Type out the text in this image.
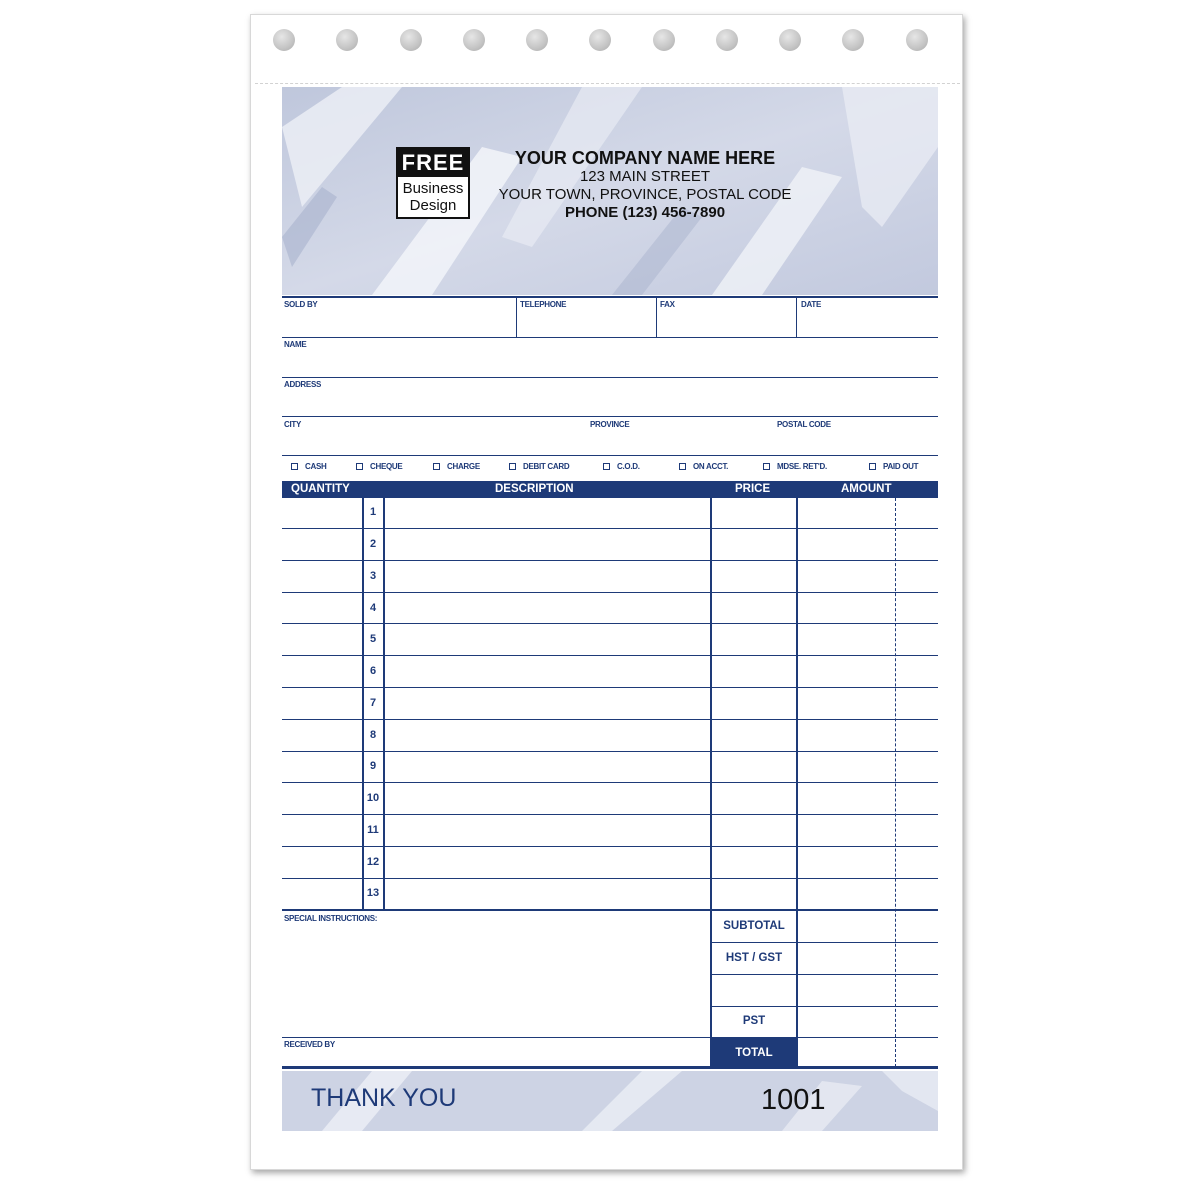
FREE
Business
Design
YOUR COMPANY NAME HERE
123 MAIN STREET
YOUR TOWN, PROVINCE, POSTAL CODE
PHONE (123) 456-7890
SOLD BY	TELEPHONE	FAX	DATE
NAME
ADDRESS
CITY	PROVINCE	POSTAL CODE
CASH	CHEQUE	CHARGE	DEBIT CARD	C.O.D.	ON ACCT.	MDSE. RET'D.	PAID OUT
QUANTITY	DESCRIPTION	PRICE	AMOUNT
1
2
3
4
5
6
7
8
9
10
11
12
13
SPECIAL INSTRUCTIONS:
SUBTOTAL
HST / GST
PST
TOTAL
RECEIVED BY
THANK YOU	1001
